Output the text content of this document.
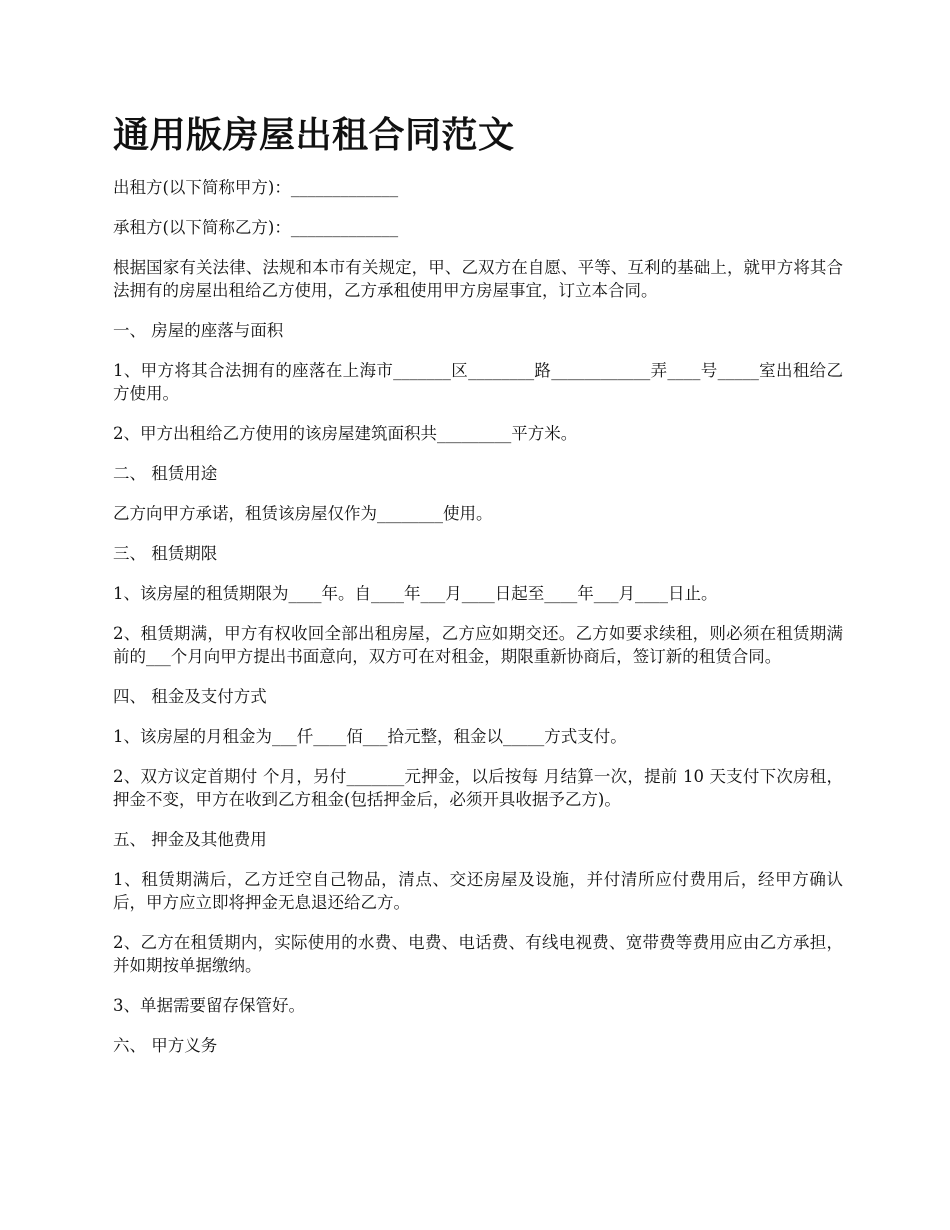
通用版房屋出租合同范文

出租方(以下简称甲方)：_____________

承租方(以下简称乙方)：_____________

根据国家有关法律、法规和本市有关规定，甲、乙双方在自愿、平等、互利的基础上，就甲方将其合法拥有的房屋出租给乙方使用，乙方承租使用甲方房屋事宜，订立本合同。

一、 房屋的座落与面积

1、甲方将其合法拥有的座落在上海市_______区________路____________弄____号_____室出租给乙方使用。

2、甲方出租给乙方使用的该房屋建筑面积共_________平方米。

二、 租赁用途

乙方向甲方承诺，租赁该房屋仅作为________使用。

三、 租赁期限

1、该房屋的租赁期限为____年。自____年___月____日起至____年___月____日止。

2、租赁期满，甲方有权收回全部出租房屋，乙方应如期交还。乙方如要求续租，则必须在租赁期满前的___个月向甲方提出书面意向，双方可在对租金，期限重新协商后，签订新的租赁合同。

四、 租金及支付方式

1、该房屋的月租金为___仟____佰___拾元整，租金以_____方式支付。

2、双方议定首期付 个月，另付_______元押金，以后按每 月结算一次，提前 10 天支付下次房租，押金不变，甲方在收到乙方租金(包括押金后，必须开具收据予乙方)。

五、 押金及其他费用

1、租赁期满后，乙方迁空自己物品，清点、交还房屋及设施，并付清所应付费用后，经甲方确认后，甲方应立即将押金无息退还给乙方。

2、乙方在租赁期内，实际使用的水费、电费、电话费、有线电视费、宽带费等费用应由乙方承担，并如期按单据缴纳。

3、单据需要留存保管好。

六、 甲方义务
